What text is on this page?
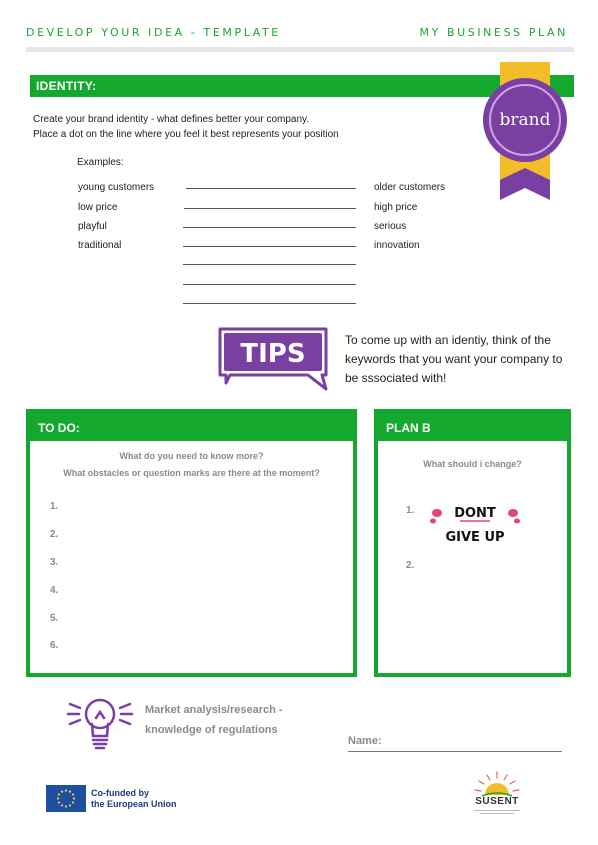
DEVELOP YOUR IDEA - TEMPLATE	MY BUSINESS PLAN
IDENTITY:
brand
Create your brand identity - what defines better your company.
Place a dot on the line where you feel it best represents your position
Examples:
young customers	older customers
low price	high price
playful	serious
traditional	innovation
TIPS	To come up with an identiy, think of the keywords that you want your company to be sssociated with!
TO DO:
What do you need to know more?
What obstacles or question marks are there at the moment?
1.
2.
3.
4.
5.
6.
PLAN B
What should i change?
1.
2.
DONT
GIVE UP
Market analysis/research -
knowledge of regulations
Name:
Co-funded by
the European Union	SUSENT
